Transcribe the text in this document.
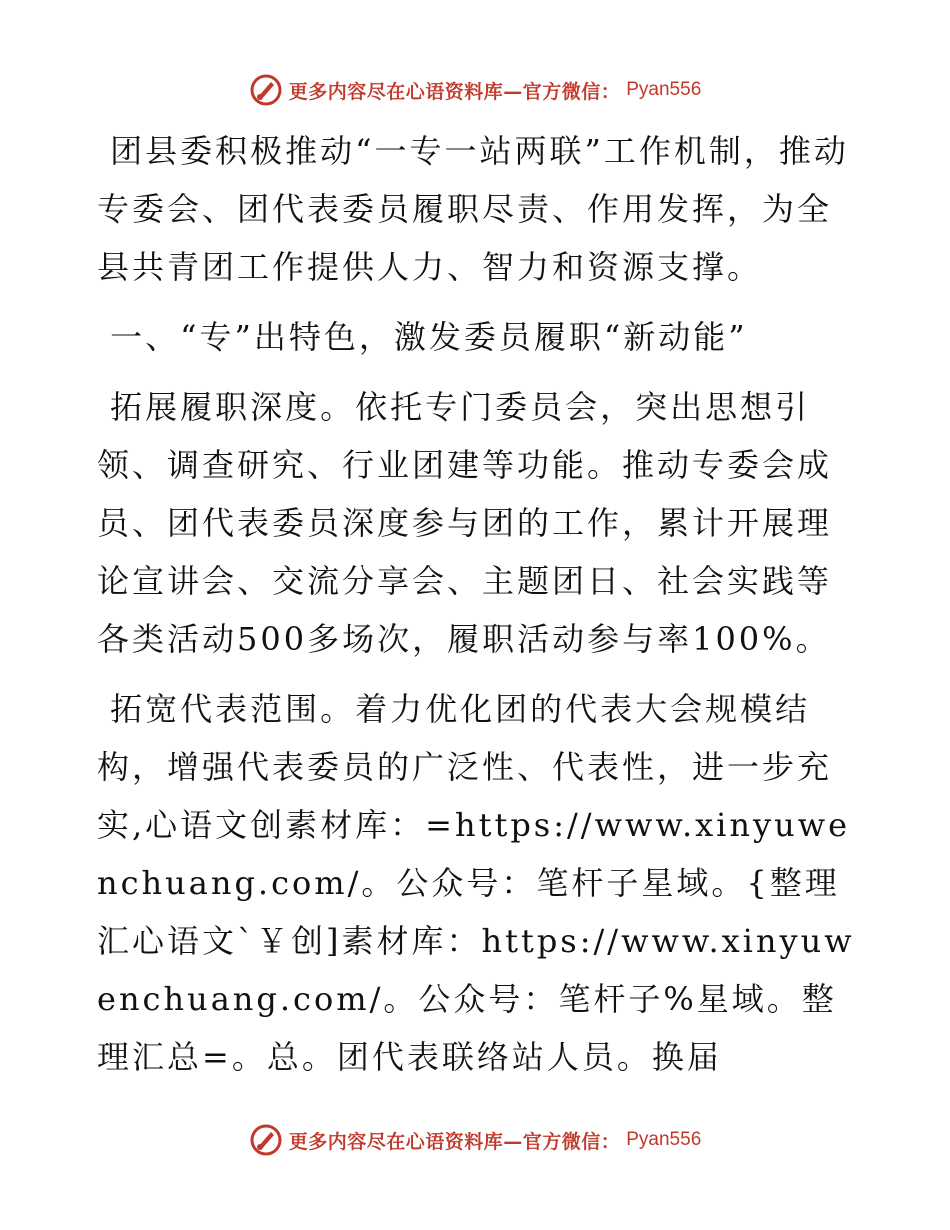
更多内容尽在心语资料库—官方微信： Pyan556

团县委积极推动“一专一站两联”工作机制，推动专委会、团代表委员履职尽责、作用发挥，为全县共青团工作提供人力、智力和资源支撑。

一、“专”出特色，激发委员履职“新动能”

拓展履职深度。依托专门委员会，突出思想引领、调查研究、行业团建等功能。推动专委会成员、团代表委员深度参与团的工作，累计开展理论宣讲会、交流分享会、主题团日、社会实践等各类活动500多场次，履职活动参与率100%。

拓宽代表范围。着力优化团的代表大会规模结构，增强代表委员的广泛性、代表性，进一步充实,心语文创素材库：=https://www.xinyuwenchuang.com/。公众号：笔杆子星域。{整理汇心语文`￥创]素材库：https://www.xinyuwenchuang.com/。公众号：笔杆子%星域。整理汇总=。总。团代表联络站人员。换届

更多内容尽在心语资料库—官方微信： Pyan556
